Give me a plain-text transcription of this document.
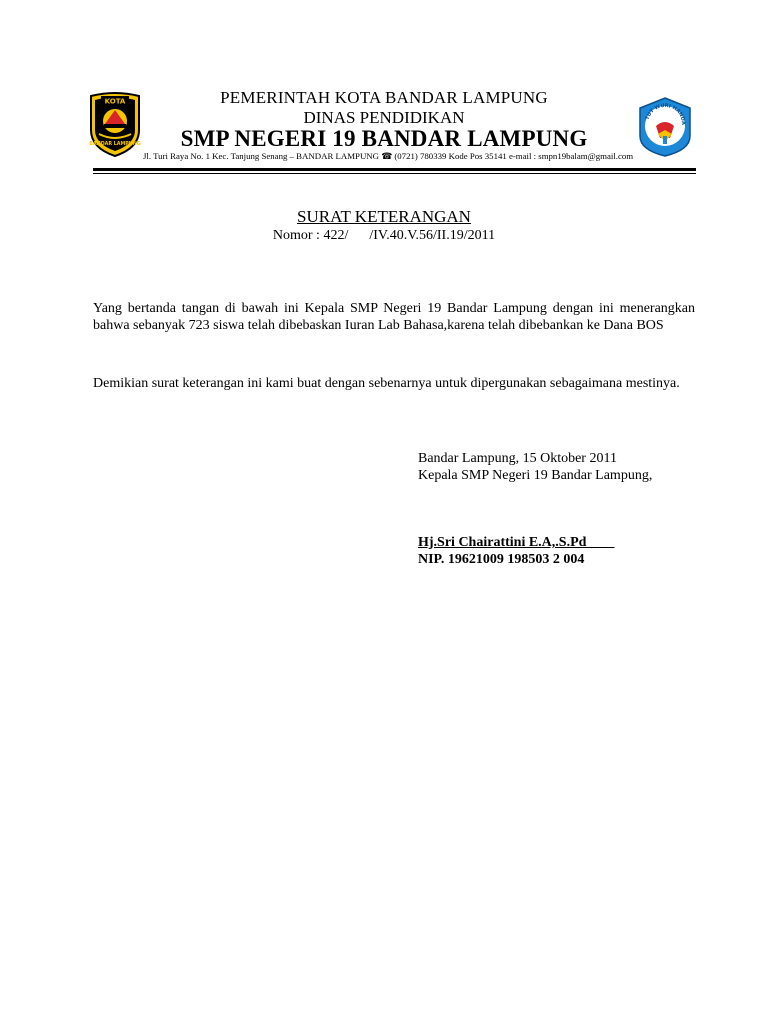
KOTA
BANDAR LAMPUNG
TUT WURI HANDA
PEMERINTAH KOTA BANDAR LAMPUNG
DINAS PENDIDIKAN
SMP NEGERI 19 BANDAR LAMPUNG
Jl. Turi Raya No. 1 Kec. Tanjung Senang – BANDAR LAMPUNG ☎ (0721) 780339 Kode Pos 35141 e-mail : smpn19balam@gmail.com
SURAT KETERANGAN
Nomor : 422/      /IV.40.V.56/II.19/2011
Yang bertanda tangan di bawah ini Kepala SMP Negeri 19 Bandar Lampung dengan ini menerangkan bahwa sebanyak 723 siswa telah dibebaskan Iuran Lab Bahasa,karena telah dibebankan ke Dana BOS
Demikian surat keterangan ini kami buat dengan sebenarnya untuk dipergunakan sebagaimana mestinya.
Bandar Lampung, 15 Oktober 2011
Kepala SMP Negeri 19 Bandar Lampung,
Hj.Sri Chairattini E.A,.S.Pd
NIP. 19621009 198503 2 004
